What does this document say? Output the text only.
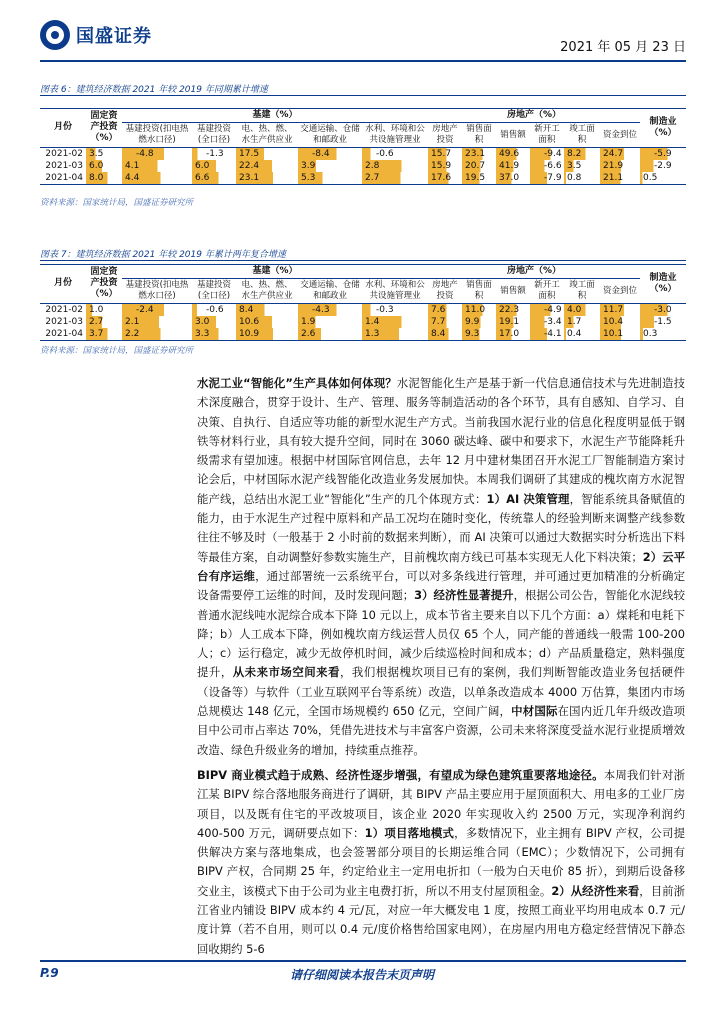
国盛证券
2021 年 05 月 23 日
图表 6：建筑经济数据 2021 年较 2019 年同期累计增速
月份	固定资产投资（%）	基建（%）					房地产（%）						制造业（%）
		基建投资(扣电热燃水口径)	基建投资(全口径)	电、热、燃、水生产供应业	交通运输、仓储和邮政业	水利、环境和公共设施管理业	房地产投资	销售面积	销售额	新开工面积	竣工面积	资金到位	
2021-02	3.5	-4.8	-1.3	17.5	-8.4	-0.6	15.7	23.1	49.6	-9.4	8.2	24.7	-5.9
2021-03	6.0	4.1	6.0	22.4	3.9	2.8	15.9	20.7	41.9	-6.6	3.5	21.9	-2.9
2021-04	8.0	4.4	6.6	23.1	5.3	2.7	17.6	19.5	37.0	-7.9	0.8	21.1	0.5
资料来源：国家统计局，国盛证券研究所
图表 7：建筑经济数据 2021 年较 2019 年累计两年复合增速
月份	固定资产投资（%）	基建（%）					房地产（%）						制造业（%）
		基建投资(扣电热燃水口径)	基建投资(全口径)	电、热、燃、水生产供应业	交通运输、仓储和邮政业	水利、环境和公共设施管理业	房地产投资	销售面积	销售额	新开工面积	竣工面积	资金到位	
2021-02	1.0	-2.4	-0.6	8.4	-4.3	-0.3	7.6	11.0	22.3	-4.9	4.0	11.7	-3.0
2021-03	2.7	2.1	3.0	10.6	1.9	1.4	7.7	9.9	19.1	-3.4	1.7	10.4	-1.5
2021-04	3.7	2.2	3.3	10.9	2.6	1.3	8.4	9.3	17.0	-4.1	0.4	10.1	0.3
资料来源：国家统计局，国盛证券研究所
水泥工业“智能化”生产具体如何体现？水泥智能化生产是基于新一代信息通信技术与先进制造技术深度融合，贯穿于设计、生产、管理、服务等制造活动的各个环节，具有自感知、自学习、自决策、自执行、自适应等功能的新型水泥生产方式。当前我国水泥行业的信息化程度明显低于钢铁等材料行业，具有较大提升空间，同时在 3060 碳达峰、碳中和要求下，水泥生产节能降耗升级需求有望加速。根据中材国际官网信息，去年 12 月中建材集团召开水泥工厂智能制造方案讨论会后，中材国际水泥产线智能化改造业务发展加快。本周我们调研了其建成的槐坎南方水泥智能产线，总结出水泥工业“智能化”生产的几个体现方式：1）AI 决策管理，智能系统具备赋值的能力，由于水泥生产过程中原料和产品工况均在随时变化，传统靠人的经验判断来调整产线参数往往不够及时（一般基于 2 小时前的数据来判断），而 AI 决策可以通过大数据实时分析选出下料等最佳方案，自动调整好参数实施生产，目前槐坎南方线已可基本实现无人化下料决策；2）云平台有序运维，通过部署统一云系统平台，可以对多条线进行管理，并可通过更加精准的分析确定设备需要停工运维的时间，及时发现问题；3）经济性显著提升，根据公司公告，智能化水泥线较普通水泥线吨水泥综合成本下降 10 元以上，成本节省主要来自以下几个方面：a）煤耗和电耗下降；b）人工成本下降，例如槐坎南方线运营人员仅 65 个人，同产能的普通线一般需 100-200 人；c）运行稳定，减少无故停机时间，减少后续巡检时间和成本；d）产品质量稳定，熟料强度提升，从未来市场空间来看，我们根据槐坎项目已有的案例，我们判断智能改造业务包括硬件（设备等）与软件（工业互联网平台等系统）改造，以单条改造成本 4000 万估算，集团内市场总规模达 148 亿元，全国市场规模约 650 亿元，空间广阔，中材国际在国内近几年升级改造项目中公司市占率达 70%，凭借先进技术与丰富客户资源，公司未来将深度受益水泥行业提质增效改造、绿色升级业务的增加，持续重点推荐。
BIPV 商业模式趋于成熟、经济性逐步增强，有望成为绿色建筑重要落地途径。本周我们针对浙江某 BIPV 综合落地服务商进行了调研，其 BIPV 产品主要应用于屋顶面积大、用电多的工业厂房项目，以及既有住宅的平改坡项目，该企业 2020 年实现收入约 2500 万元，实现净利润约 400-500 万元，调研要点如下：1）项目落地模式，多数情况下，业主拥有 BIPV 产权，公司提供解决方案与落地集成，也会签署部分项目的长期运维合同（EMC）；少数情况下，公司拥有 BIPV 产权，合同期 25 年，约定给业主一定用电折扣（一般为白天电价 85 折），到期后设备移交业主，该模式下由于公司为业主电费打折，所以不用支付屋顶租金。2）从经济性来看，目前浙江省业内铺设 BIPV 成本约 4 元/瓦，对应一年大概发电 1 度，按照工商业平均用电成本 0.7 元/度计算（若不自用，则可以 0.4 元/度价格售给国家电网），在房屋内用电方稳定经营情况下静态回收期约 5-6
P.9	请仔细阅读本报告末页声明
